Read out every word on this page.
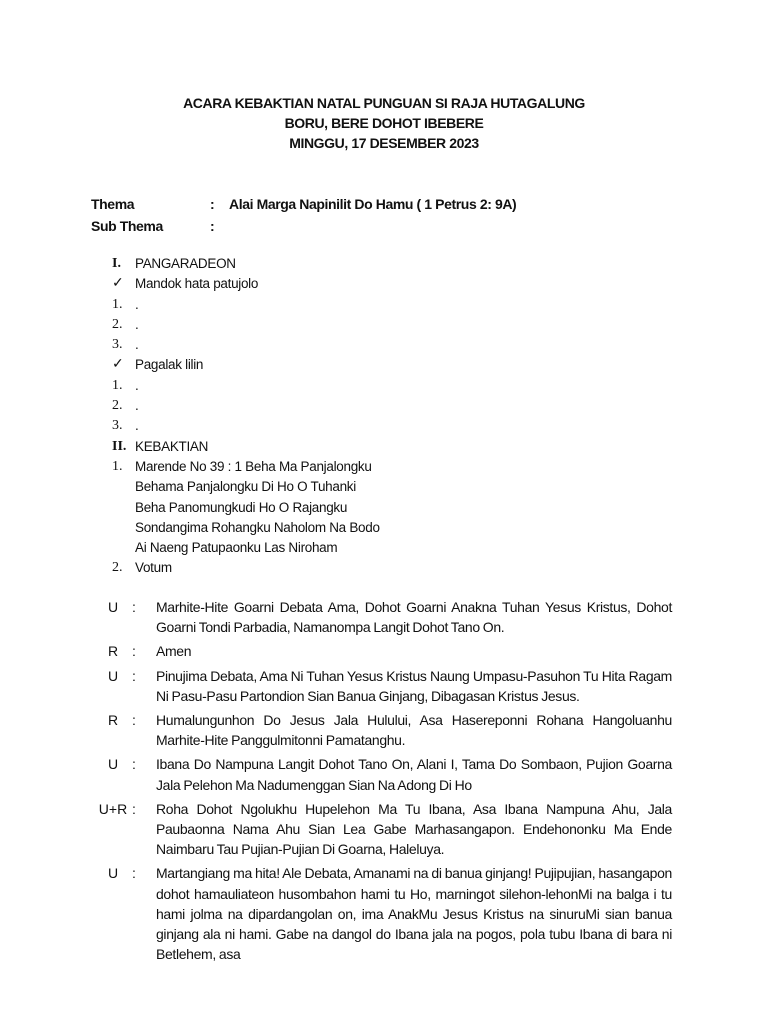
ACARA KEBAKTIAN NATAL PUNGUAN SI RAJA HUTAGALUNG
BORU, BERE DOHOT IBEBERE
MINGGU, 17 DESEMBER 2023
Thema	: Alai Marga Napinilit Do Hamu ( 1 Petrus 2: 9A)
Sub Thema	:
I.	PANGARADEON
✓ Mandok hata patujolo
1. .
2. .
3. .
✓ Pagalak lilin
1. .
2. .
3. .
II. KEBAKTIAN
1. Marende No 39 : 1 Beha Ma Panjalongku
Behama Panjalongku Di Ho O Tuhanki
Beha Panomungkudi Ho O Rajangku
Sondangima Rohangku Naholom Na Bodo
Ai Naeng Patupaonku Las Niroham
2. Votum
U : Marhite-Hite Goarni Debata Ama, Dohot Goarni Anakna Tuhan Yesus Kristus, Dohot Goarni Tondi Parbadia, Namanompa Langit Dohot Tano On.
R : Amen
U : Pinujima Debata, Ama Ni Tuhan Yesus Kristus Naung Umpasu-Pasuhon Tu Hita Ragam Ni Pasu-Pasu Partondion Sian Banua Ginjang, Dibagasan Kristus Jesus.
R : Humalungunhon Do Jesus Jala Hulului, Asa Hasereponni Rohana Hangoluanhu Marhite-Hite Panggulmitonni Pamatanghu.
U : Ibana Do Nampuna Langit Dohot Tano On, Alani I, Tama Do Sombaon, Pujion Goarna Jala Pelehon Ma Nadumenggan Sian Na Adong Di Ho
U+R : Roha Dohot Ngolukhu Hupelehon Ma Tu Ibana, Asa Ibana Nampuna Ahu, Jala Paubaonna Nama Ahu Sian Lea Gabe Marhasangapon. Endehononku Ma Ende Naimbaru Tau Pujian-Pujian Di Goarna, Haleluya.
U : Martangiang ma hita! Ale Debata, Amanami na di banua ginjang! Pujipujian, hasangapon dohot hamauliateon husombahon hami tu Ho, marningot silehon-lehonMi na balga i tu hami jolma na dipardangolan on, ima AnakMu Jesus Kristus na sinuruMi sian banua ginjang ala ni hami. Gabe na dangol do Ibana jala na pogos, pola tubu Ibana di bara ni Betlehem, asa
